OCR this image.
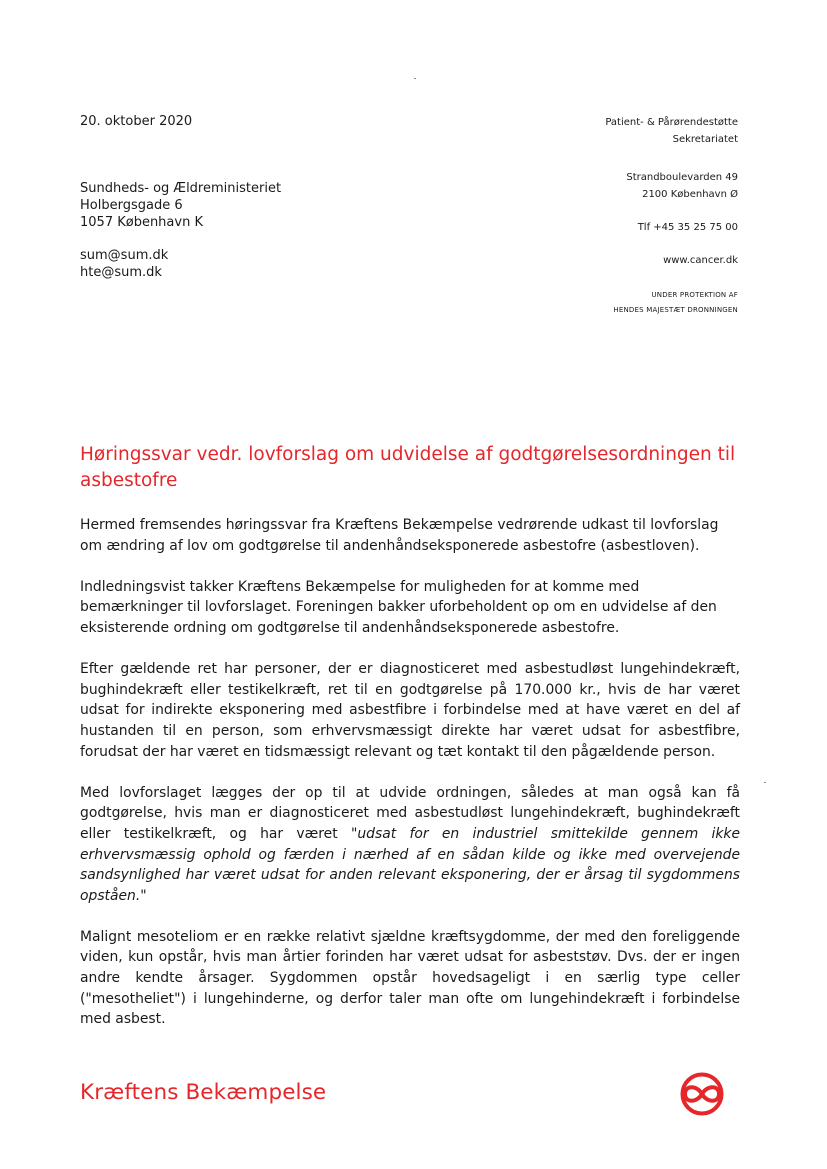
20. oktober 2020
Sundheds- og Ældreministeriet
Holbergsgade 6
1057 København K
sum@sum.dk
hte@sum.dk
Patient- & Pårørendestøtte
Sekretariatet
Strandboulevarden 49
2100 København Ø
Tlf +45 35 25 75 00
www.cancer.dk
UNDER PROTEKTION AF
HENDES MAJESTÆT DRONNINGEN
Høringssvar vedr. lovforslag om udvidelse af godtgørelsesordningen til asbestofre

Hermed fremsendes høringssvar fra Kræftens Bekæmpelse vedrørende udkast til lovforslag om ændring af lov om godtgørelse til andenhåndseksponerede asbestofre (asbestloven).

Indledningsvist takker Kræftens Bekæmpelse for muligheden for at komme med bemærkninger til lovforslaget. Foreningen bakker uforbeholdent op om en udvidelse af den eksisterende ordning om godtgørelse til andenhåndseksponerede asbestofre.

Efter gældende ret har personer, der er diagnosticeret med asbestudløst lungehindekræft, bughindekræft eller testikelkræft, ret til en godtgørelse på 170.000 kr., hvis de har været udsat for indirekte eksponering med asbestfibre i forbindelse med at have været en del af hustanden til en person, som erhvervsmæssigt direkte har været udsat for asbestfibre, forudsat der har været en tidsmæssigt relevant og tæt kontakt til den pågældende person.

Med lovforslaget lægges der op til at udvide ordningen, således at man også kan få godtgørelse, hvis man er diagnosticeret med asbestudløst lungehindekræft, bughindekræft eller testikelkræft, og har været "udsat for en industriel smittekilde gennem ikke erhvervsmæssig ophold og færden i nærhed af en sådan kilde og ikke med overvejende sandsynlighed har været udsat for anden relevant eksponering, der er årsag til sygdommens opståen."

Malignt mesoteliom er en række relativt sjældne kræftsygdomme, der med den foreliggende viden, kun opstår, hvis man årtier forinden har været udsat for asbeststøv. Dvs. der er ingen andre kendte årsager. Sygdommen opstår hovedsageligt i en særlig type celler ("mesotheliet") i lungehinderne, og derfor taler man ofte om lungehindekræft i forbindelse med asbest.

Kræftens Bekæmpelse
